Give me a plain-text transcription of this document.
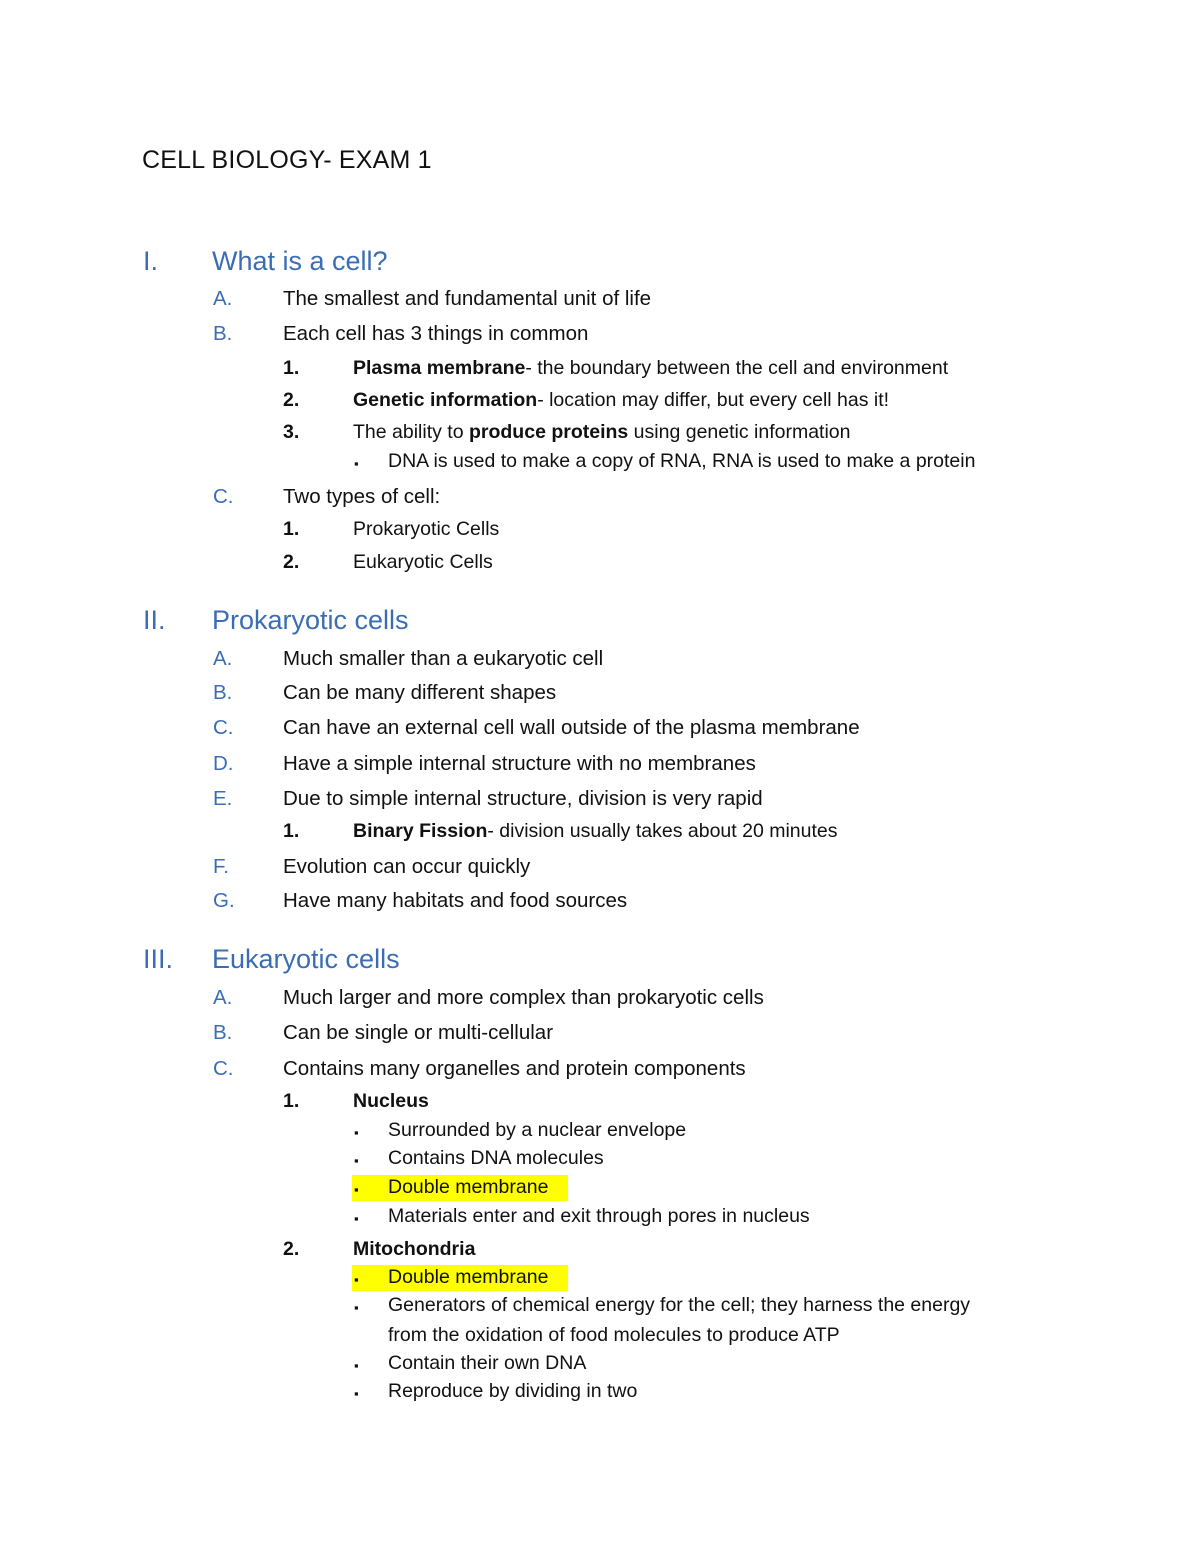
CELL BIOLOGY- EXAM 1
I. What is a cell?
A. The smallest and fundamental unit of life
B. Each cell has 3 things in common
1.	Plasma membrane- the boundary between the cell and environment
2.	Genetic information- location may differ, but every cell has it!
3.	The ability to produce proteins using genetic information
▪ DNA is used to make a copy of RNA, RNA is used to make a protein
C. Two types of cell:
1.	Prokaryotic Cells
2.	Eukaryotic Cells
II. Prokaryotic cells
A. Much smaller than a eukaryotic cell
B. Can be many different shapes
C. Can have an external cell wall outside of the plasma membrane
D. Have a simple internal structure with no membranes
E. Due to simple internal structure, division is very rapid
1.	Binary Fission- division usually takes about 20 minutes
F.	Evolution can occur quickly
G. Have many habitats and food sources
III. Eukaryotic cells
A. Much larger and more complex than prokaryotic cells
B. Can be single or multi-cellular
C. Contains many organelles and protein components
1.	Nucleus
▪ Surrounded by a nuclear envelope
▪ Contains DNA molecules
▪ Double membrane
▪ Materials enter and exit through pores in nucleus
2.	Mitochondria
▪ Double membrane
▪ Generators of chemical energy for the cell; they harness the energy
from the oxidation of food molecules to produce ATP
▪ Contain their own DNA
▪ Reproduce by dividing in two
